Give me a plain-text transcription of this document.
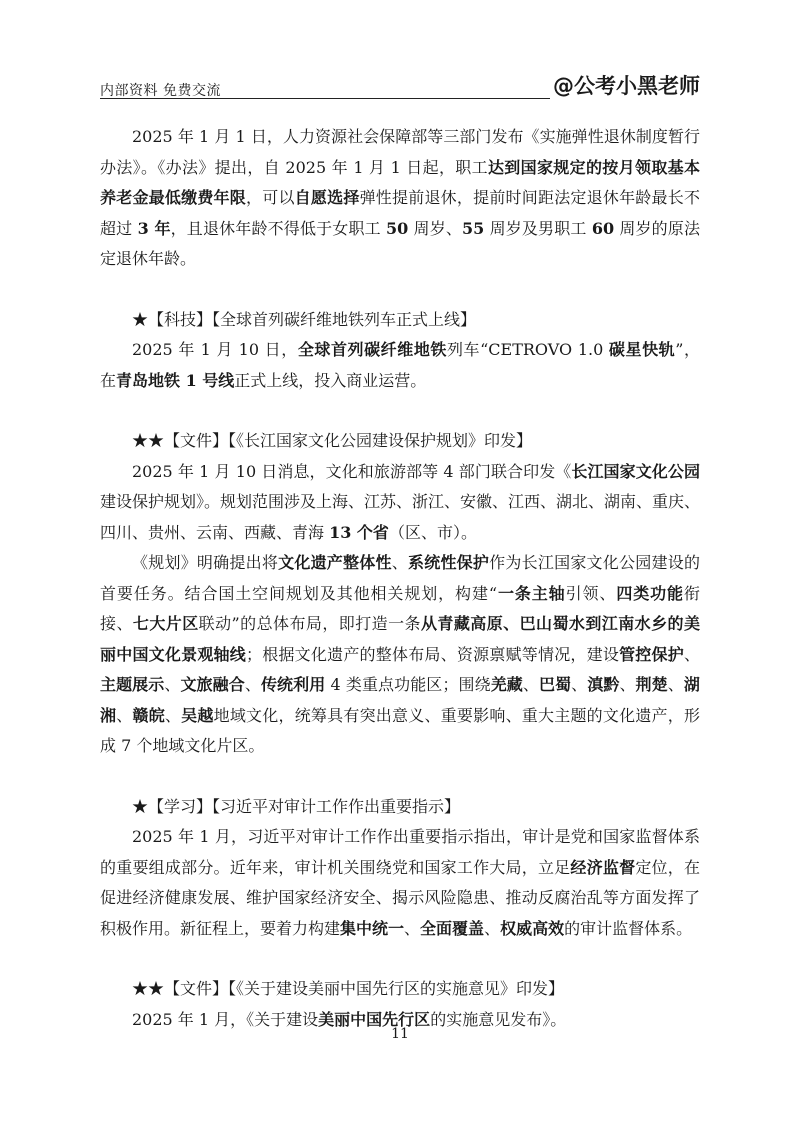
内部资料 免费交流	@公考小黑老师

2025 年 1 月 1 日，人力资源社会保障部等三部门发布《实施弹性退休制度暂行办法》。《办法》提出，自 2025 年 1 月 1 日起，职工达到国家规定的按月领取基本养老金最低缴费年限，可以自愿选择弹性提前退休，提前时间距法定退休年龄最长不超过 3 年，且退休年龄不得低于女职工 50 周岁、55 周岁及男职工 60 周岁的原法定退休年龄。

★【科技】【全球首列碳纤维地铁列车正式上线】

2025 年 1 月 10 日，全球首列碳纤维地铁列车“CETROVO 1.0 碳星快轨”，在青岛地铁 1 号线正式上线，投入商业运营。

★★【文件】【《长江国家文化公园建设保护规划》印发】

2025 年 1 月 10 日消息，文化和旅游部等 4 部门联合印发《长江国家文化公园建设保护规划》。规划范围涉及上海、江苏、浙江、安徽、江西、湖北、湖南、重庆、四川、贵州、云南、西藏、青海 13 个省（区、市）。

《规划》明确提出将文化遗产整体性、系统性保护作为长江国家文化公园建设的首要任务。结合国土空间规划及其他相关规划，构建“一条主轴引领、四类功能衔接、七大片区联动”的总体布局，即打造一条从青藏高原、巴山蜀水到江南水乡的美丽中国文化景观轴线；根据文化遗产的整体布局、资源禀赋等情况，建设管控保护、主题展示、文旅融合、传统利用 4 类重点功能区；围绕羌藏、巴蜀、滇黔、荆楚、湖湘、赣皖、吴越地域文化，统筹具有突出意义、重要影响、重大主题的文化遗产，形成 7 个地域文化片区。

★【学习】【习近平对审计工作作出重要指示】

2025 年 1 月，习近平对审计工作作出重要指示指出，审计是党和国家监督体系的重要组成部分。近年来，审计机关围绕党和国家工作大局，立足经济监督定位，在促进经济健康发展、维护国家经济安全、揭示风险隐患、推动反腐治乱等方面发挥了积极作用。新征程上，要着力构建集中统一、全面覆盖、权威高效的审计监督体系。

★★【文件】【《关于建设美丽中国先行区的实施意见》印发】

2025 年 1 月，《关于建设美丽中国先行区的实施意见发布》。

11
